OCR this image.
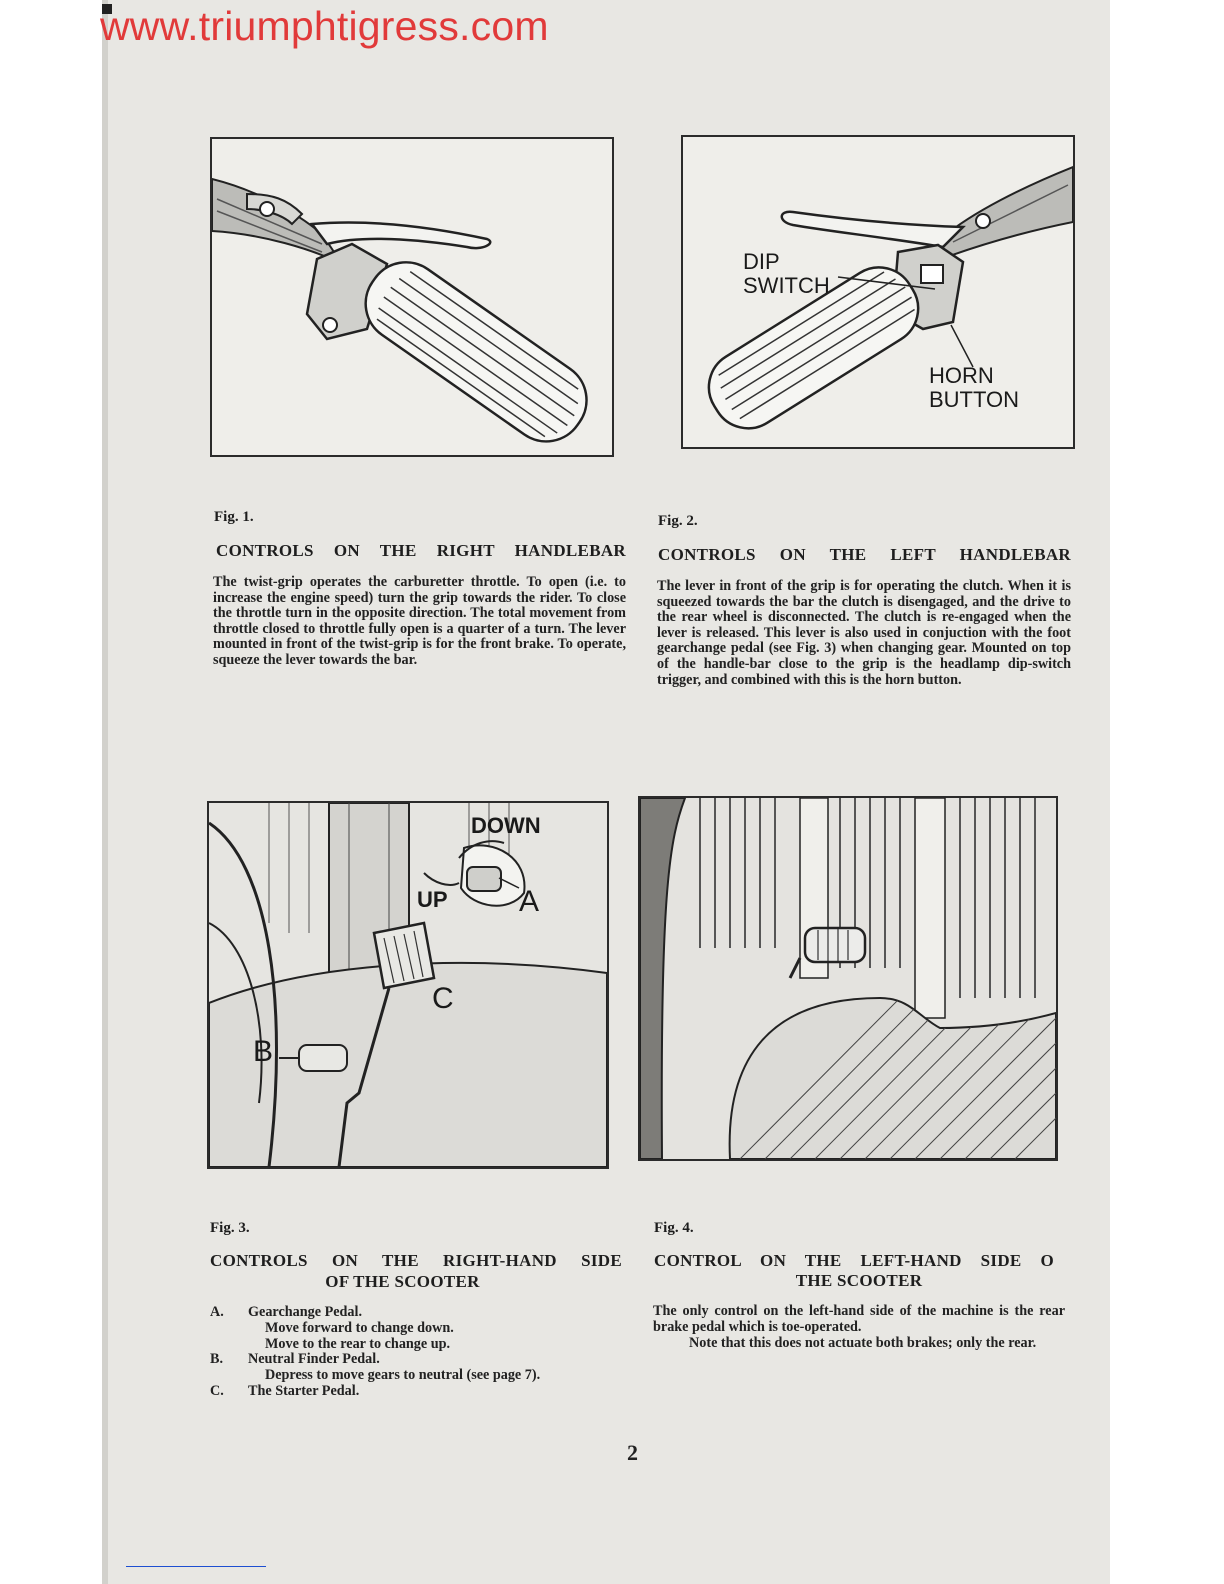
www.triumphtigress.com
DIP
SWITCH
HORN
BUTTON
Fig. 1.
CONTROLS ON THE RIGHT HANDLEBAR
The twist-grip operates the carburetter throttle. To open (i.e. to increase the engine speed) turn the grip towards the rider. To close the throttle turn in the opposite direction. The total movement from throttle closed to throttle fully open is a quarter of a turn. The lever mounted in front of the twist-grip is for the front brake. To operate, squeeze the lever towards the bar.
Fig. 2.
CONTROLS ON THE LEFT HANDLEBAR
The lever in front of the grip is for operating the clutch. When it is squeezed towards the bar the clutch is disengaged, and the drive to the rear wheel is disconnected. The clutch is re-engaged when the lever is released. This lever is also used in conjuction with the foot gearchange pedal (see Fig. 3) when changing gear. Mounted on top of the handle-bar close to the grip is the headlamp dip-switch trigger, and combined with this is the horn button.
DOWN
UP A
C
B
Fig. 3.
CONTROLS ON THE RIGHT-HAND SIDE
OF THE SCOOTER
A. Gearchange Pedal.
Move forward to change down.
Move to the rear to change up.
B. Neutral Finder Pedal.
Depress to move gears to neutral (see page 7).
C. The Starter Pedal.
Fig. 4.
CONTROL ON THE LEFT-HAND SIDE O
THE SCOOTER
The only control on the left-hand side of the machine is the rear brake pedal which is toe-operated.
Note that this does not actuate both brakes; only the rear.
2
